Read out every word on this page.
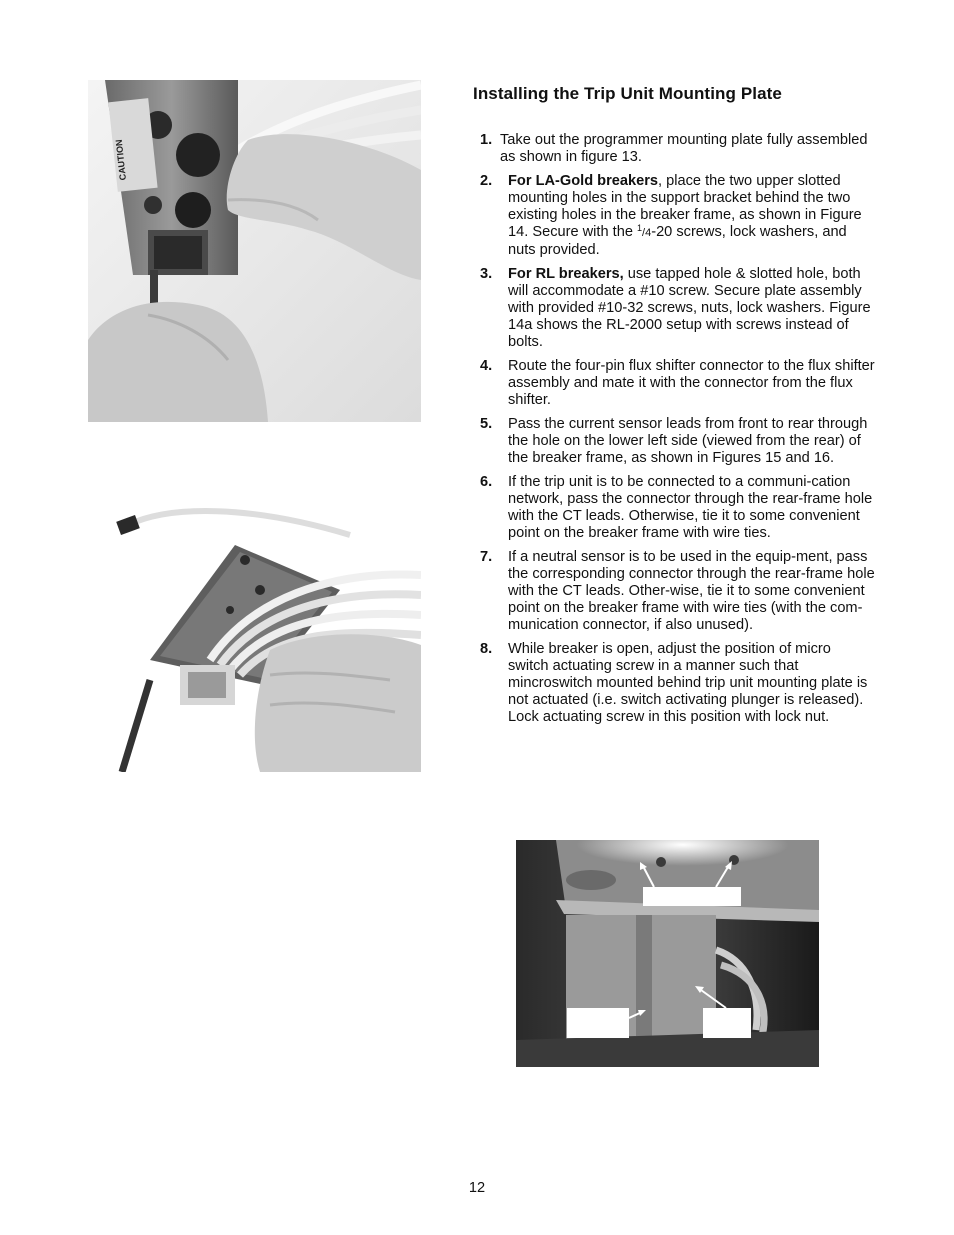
CAUTION
Installing the Trip Unit Mounting Plate
1. Take out the programmer mounting plate fully assembled as shown in figure 13.
2. For LA-Gold breakers, place the two upper slotted mounting holes in the support bracket behind the two existing holes in the breaker frame, as shown in Figure 14. Secure with the $^1$/4-20 screws, lock washers, and nuts provided.
3. For RL breakers, use tapped hole & slotted hole, both will accommodate a #10 screw. Secure plate assembly with provided #10-32 screws, nuts, lock washers. Figure 14a shows the RL-2000 setup with screws instead of bolts.
4. Route the four-pin flux shifter connector to the flux shifter assembly and mate it with the connector from the flux shifter.
5. Pass the current sensor leads from front to rear through the hole on the lower left side (viewed from the rear) of the breaker frame, as shown in Figures 15 and 16.
6. If the trip unit is to be connected to a communi-cation network, pass the connector through the rear-frame hole with the CT leads. Otherwise, tie it to some convenient point on the breaker frame with wire ties.
7. If a neutral sensor is to be used in the equip-ment, pass the corresponding connector through the rear-frame hole with the CT leads. Other-wise, tie it to some convenient point on the breaker frame with wire ties (with the com-munication connector, if also unused).
8. While breaker is open, adjust the position of micro switch actuating screw in a manner such that mincroswitch mounted behind trip unit mounting plate is not actuated (i.e. switch activating plunger is released). Lock actuating screw in this position with lock nut.
12
